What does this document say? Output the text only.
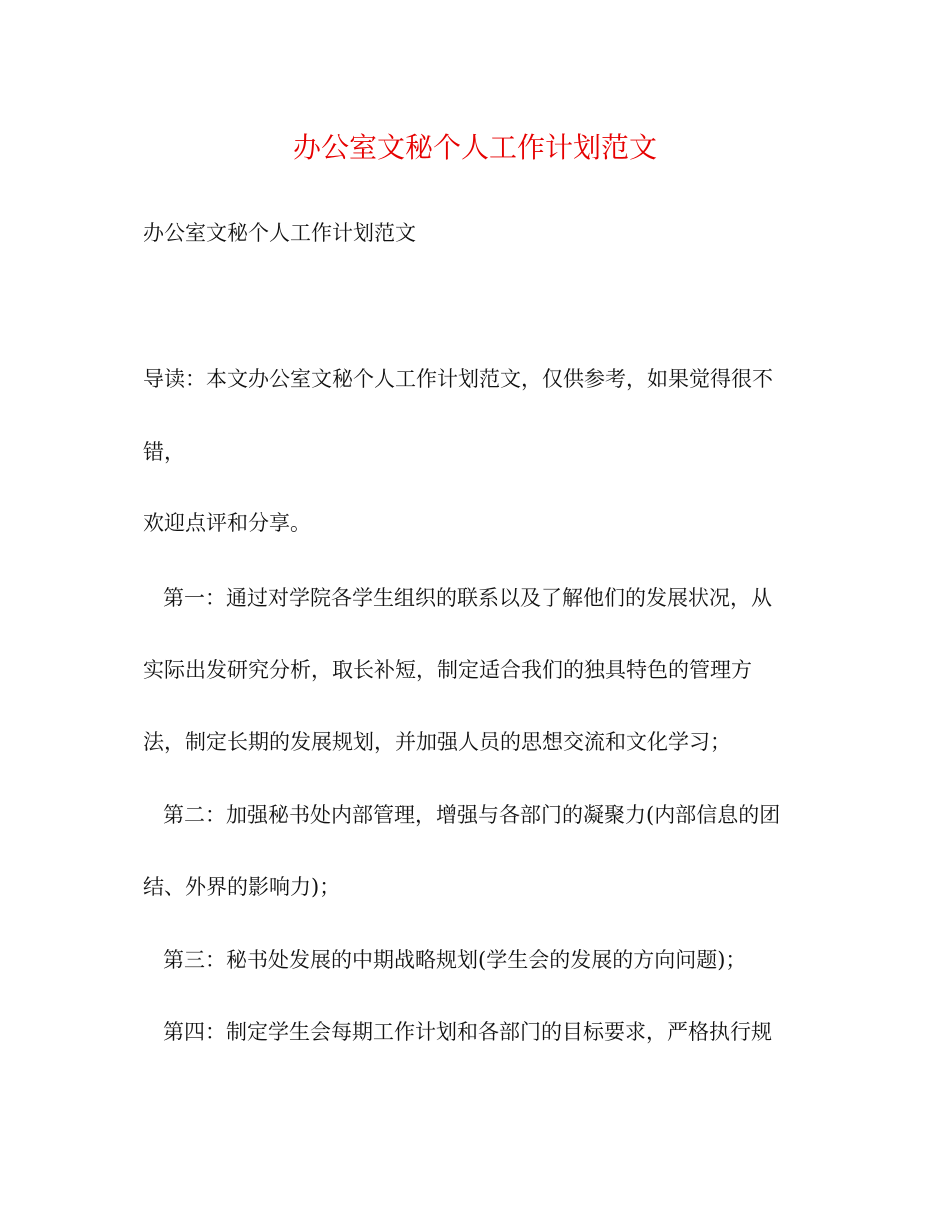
办公室文秘个人工作计划范文
办公室文秘个人工作计划范文
导读：本文办公室文秘个人工作计划范文，仅供参考，如果觉得很不
错，
欢迎点评和分享。
第一：通过对学院各学生组织的联系以及了解他们的发展状况，从
实际出发研究分析，取长补短，制定适合我们的独具特色的管理方
法，制定长期的发展规划，并加强人员的思想交流和文化学习；
第二：加强秘书处内部管理，增强与各部门的凝聚力(内部信息的团
结、外界的影响力)；
第三：秘书处发展的中期战略规划(学生会的发展的方向问题)；
第四：制定学生会每期工作计划和各部门的目标要求，严格执行规
